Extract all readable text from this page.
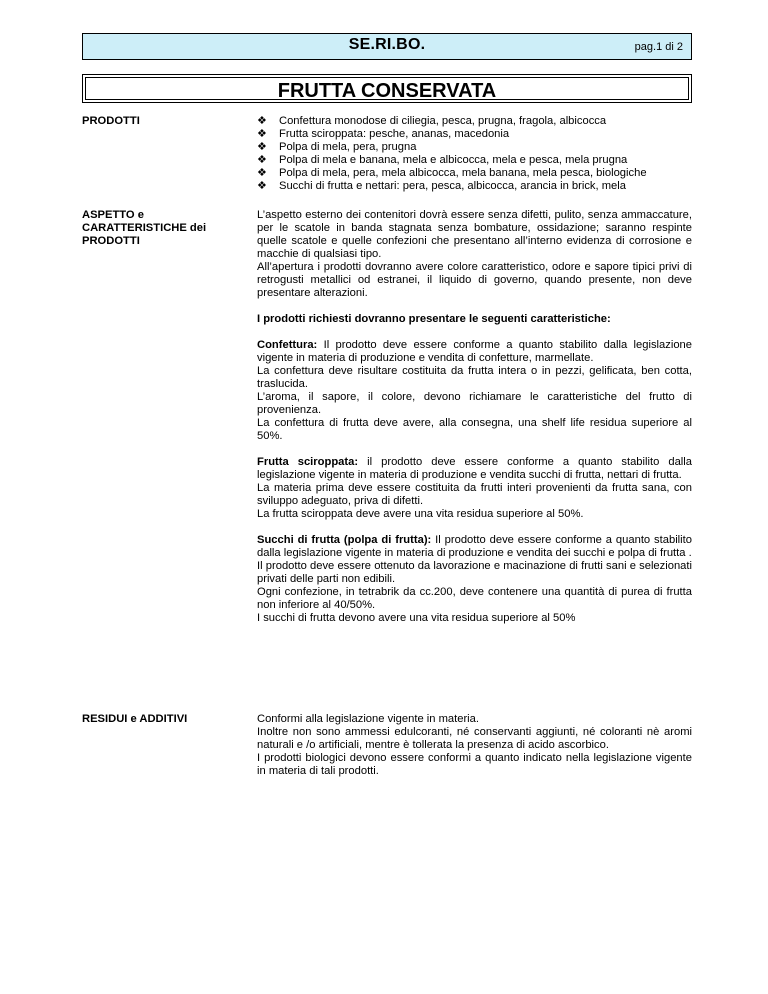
SE.RI.BO.	pag.1 di 2
FRUTTA CONSERVATA
PRODOTTI	❖ Confettura monodose di ciliegia, pesca, prugna, fragola, albicocca
❖ Frutta sciroppata: pesche, ananas, macedonia
❖ Polpa di mela, pera, prugna
❖ Polpa di mela e banana, mela e albicocca, mela e pesca, mela prugna
❖ Polpa di mela, pera, mela albicocca, mela banana, mela pesca, biologiche
❖ Succhi di frutta e nettari: pera, pesca, albicocca, arancia in brick, mela
ASPETTO e CARATTERISTICHE dei PRODOTTI

L’aspetto esterno dei contenitori dovrà essere senza difetti, pulito, senza ammaccature, per le scatole in banda stagnata senza bombature, ossidazione; saranno respinte quelle scatole e quelle confezioni che presentano all’interno evidenza di corrosione e macchie di qualsiasi tipo.

All’apertura i prodotti dovranno avere colore caratteristico, odore e sapore tipici privi di retrogusti metallici od estranei, il liquido di governo, quando presente, non deve presentare alterazioni.

I prodotti richiesti dovranno presentare le seguenti caratteristiche:

Confettura: Il prodotto deve essere conforme a quanto stabilito dalla legislazione vigente in materia di produzione e vendita di confetture, marmellate.

La confettura deve risultare costituita da frutta intera o in pezzi, gelificata, ben cotta, traslucida.

L’aroma, il sapore, il colore, devono richiamare le caratteristiche del frutto di provenienza.

La confettura di frutta deve avere, alla consegna, una shelf life residua superiore al 50%.

Frutta sciroppata: il prodotto deve essere conforme a quanto stabilito dalla legislazione vigente in materia di produzione e vendita succhi di frutta, nettari di frutta.

La materia prima deve essere costituita da frutti interi provenienti da frutta sana, con sviluppo adeguato, priva di difetti.

La frutta sciroppata deve avere una vita residua superiore al 50%.

Succhi di frutta (polpa di frutta): Il prodotto deve essere conforme a quanto stabilito dalla legislazione vigente in materia di produzione e vendita dei succhi e polpa di frutta .

Il prodotto deve essere ottenuto da lavorazione e macinazione di frutti sani e selezionati privati delle parti non edibili.

Ogni confezione, in tetrabrik da cc.200, deve contenere una quantità di purea di frutta non inferiore al 40/50%.

I succhi di frutta devono avere una vita residua superiore al 50%

RESIDUI e ADDITIVI	Conformi alla legislazione vigente in materia.

Inoltre non sono ammessi edulcoranti, né conservanti aggiunti, né coloranti nè aromi naturali e /o artificiali, mentre è tollerata la presenza di acido ascorbico.

I prodotti biologici devono essere conformi a quanto indicato nella legislazione vigente in materia di tali prodotti.
